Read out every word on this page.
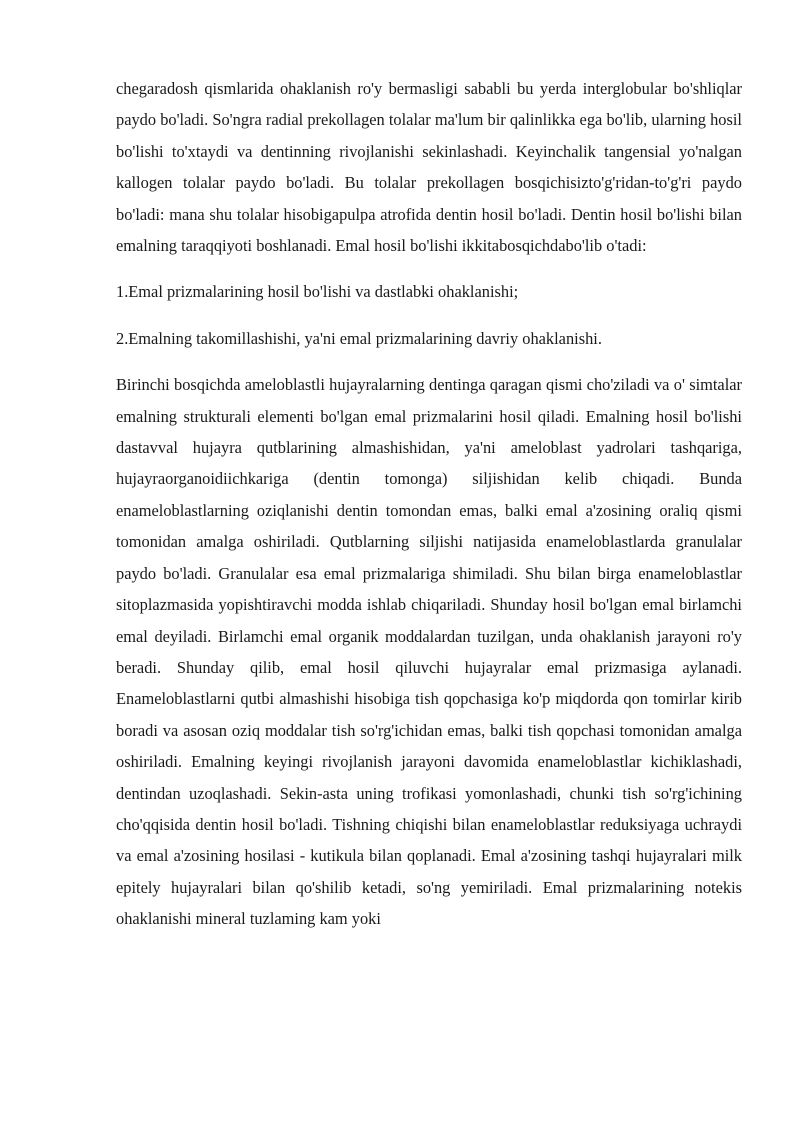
chegaradosh qismlarida ohaklanish ro'y bermasligi sababli bu yerda interglobular bo'shliqlar paydo bo'ladi. So'ngra radial prekollagen tolalar ma'lum bir qalinlikka ega bo'lib, ularning hosil bo'lishi to'xtaydi va dentinning rivojlanishi sekinlashadi. Keyinchalik tangensial yo'nalgan kallogen tolalar paydo bo'ladi. Bu tolalar prekollagen bosqichisizto'g'ridan-to'g'ri paydo bo'ladi: mana shu tolalar hisobigapulpa atrofida dentin hosil bo'ladi. Dentin hosil bo'lishi bilan emalning taraqqiyoti boshlanadi. Emal hosil bo'lishi ikkitabosqichdabo'lib o'tadi:

1.Emal prizmalarining hosil bo'lishi va dastlabki ohaklanishi;

2.Emalning takomillashishi, ya'ni emal prizmalarining davriy ohaklanishi.

Birinchi bosqichda ameloblastli hujayralarning dentinga qaragan qismi cho'ziladi va o' simtalar emalning strukturali elementi bo'lgan emal prizmalarini hosil qiladi. Emalning hosil bo'lishi dastavval hujayra qutblarining almashishidan, ya'ni ameloblast yadrolari tashqariga, hujayraorganoidiichkariga (dentin tomonga) siljishidan kelib chiqadi. Bunda enameloblastlarning oziqlanishi dentin tomondan emas, balki emal a'zosining oraliq qismi tomonidan amalga oshiriladi. Qutblarning siljishi natijasida enameloblastlarda granulalar paydo bo'ladi. Granulalar esa emal prizmalariga shimiladi. Shu bilan birga enameloblastlar sitoplazmasida yopishtiravchi modda ishlab chiqariladi. Shunday hosil bo'lgan emal birlamchi emal deyiladi. Birlamchi emal organik moddalardan tuzilgan, unda ohaklanish jarayoni ro'y beradi. Shunday qilib, emal hosil qiluvchi hujayralar emal prizmasiga aylanadi. Enameloblastlarni qutbi almashishi hisobiga tish qopchasiga ko'p miqdorda qon tomirlar kirib boradi va asosan oziq moddalar tish so'rg'ichidan emas, balki tish qopchasi tomonidan amalga oshiriladi. Emalning keyingi rivojlanish jarayoni davomida enameloblastlar kichiklashadi, dentindan uzoqlashadi. Sekin-asta uning trofikasi yomonlashadi, chunki tish so'rg'ichining cho'qqisida dentin hosil bo'ladi. Tishning chiqishi bilan enameloblastlar reduksiyaga uchraydi va emal a'zosining hosilasi - kutikula bilan qoplanadi. Emal a'zosining tashqi hujayralari milk epitely hujayralari bilan qo'shilib ketadi, so'ng yemiriladi. Emal prizmalarining notekis ohaklanishi mineral tuzlaming kam yoki
